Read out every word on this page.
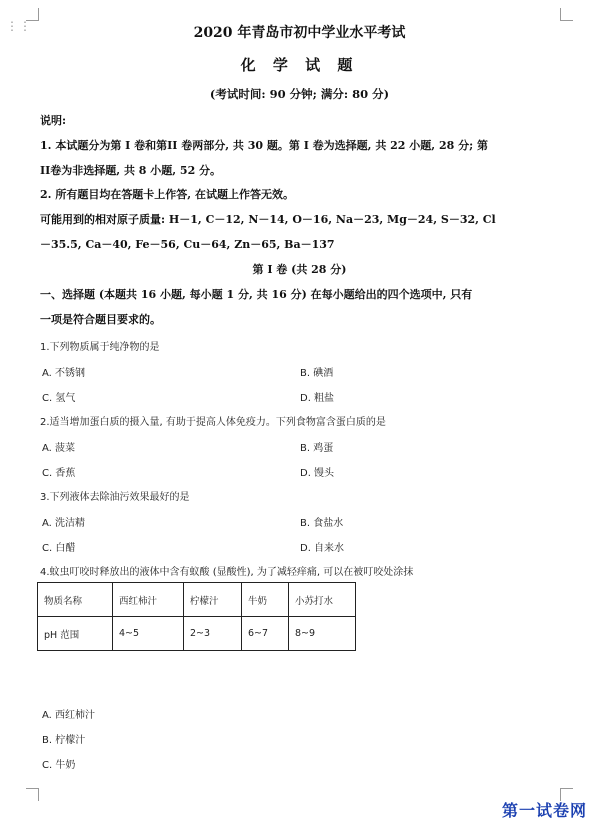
⋮⋮	2020 年青岛市初中学业水平考试
化 学 试 题
(考试时间: 90 分钟; 满分: 80 分)
说明:
1. 本试题分为第 I 卷和第II 卷两部分, 共 30 题。第 I 卷为选择题, 共 22 小题, 28 分; 第
II卷为非选择题, 共 8 小题, 52 分。
2. 所有题目均在答题卡上作答, 在试题上作答无效。
可能用到的相对原子质量: H－1, C－12, N－14, O－16, Na－23, Mg－24, S－32, Cl
－35.5, Ca－40, Fe－56, Cu－64, Zn－65, Ba－137
第 I 卷 (共 28 分)
一、选择题 (本题共 16 小题, 每小题 1 分, 共 16 分) 在每小题给出的四个选项中, 只有
一项是符合题目要求的。
1.下列物质属于纯净物的是
A. 不锈钢	B. 碘酒
C. 氢气	D. 粗盐
2.适当增加蛋白质的摄入量, 有助于提高人体免疫力。下列食物富含蛋白质的是
A. 菠菜	B. 鸡蛋
C. 香蕉	D. 馒头
3.下列液体去除油污效果最好的是
A. 洗洁精	B. 食盐水
C. 白醋	D. 自来水
4.蚊虫叮咬时释放出的液体中含有蚁酸 (显酸性), 为了减轻痒痛, 可以在被叮咬处涂抹
物质名称	西红柿汁	柠檬汁	牛奶	小苏打水
pH 范围	4~5	2~3	6~7	8~9
A. 西红柿汁
B. 柠檬汁
C. 牛奶
第一试卷网
